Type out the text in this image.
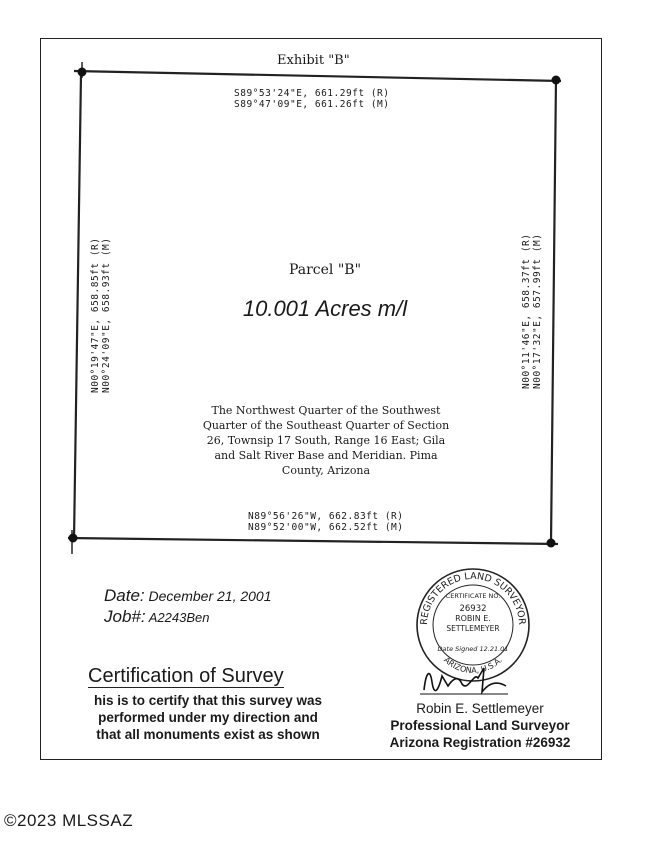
Exhibit "B"
S89°53'24"E, 661.29ft (R)
S89°47'09"E, 661.26ft (M)
N00°19'47"E, 658.85ft (R) N00°24'09"E, 658.93ft (M)	N00°11'46"E, 658.37ft (R) N00°17'32"E, 657.99ft (M)
Parcel "B"
10.001 Acres m/l
The Northwest Quarter of the Southwest Quarter of the Southeast Quarter of Section 26, Townsip 17 South, Range 16 East; Gila and Salt River Base and Meridian. Pima County, Arizona
N89°56'26"W, 662.83ft (R)
N89°52'00"W, 662.52ft (M)
Date: December 21, 2001
Job#: A2243Ben	REGISTERED LAND SURVEYOR
ARIZONA, U.S.A.
CERTIFICATE NO.
26932
ROBIN E.
SETTLEMEYER
Date Signed 12.21.01
Certification of Survey
his is to certify that this survey was
performed under my direction and
that all monuments exist as shown
Robin E. Settlemeyer
Professional Land Surveyor
Arizona Registration #26932
©2023 MLSSAZ
